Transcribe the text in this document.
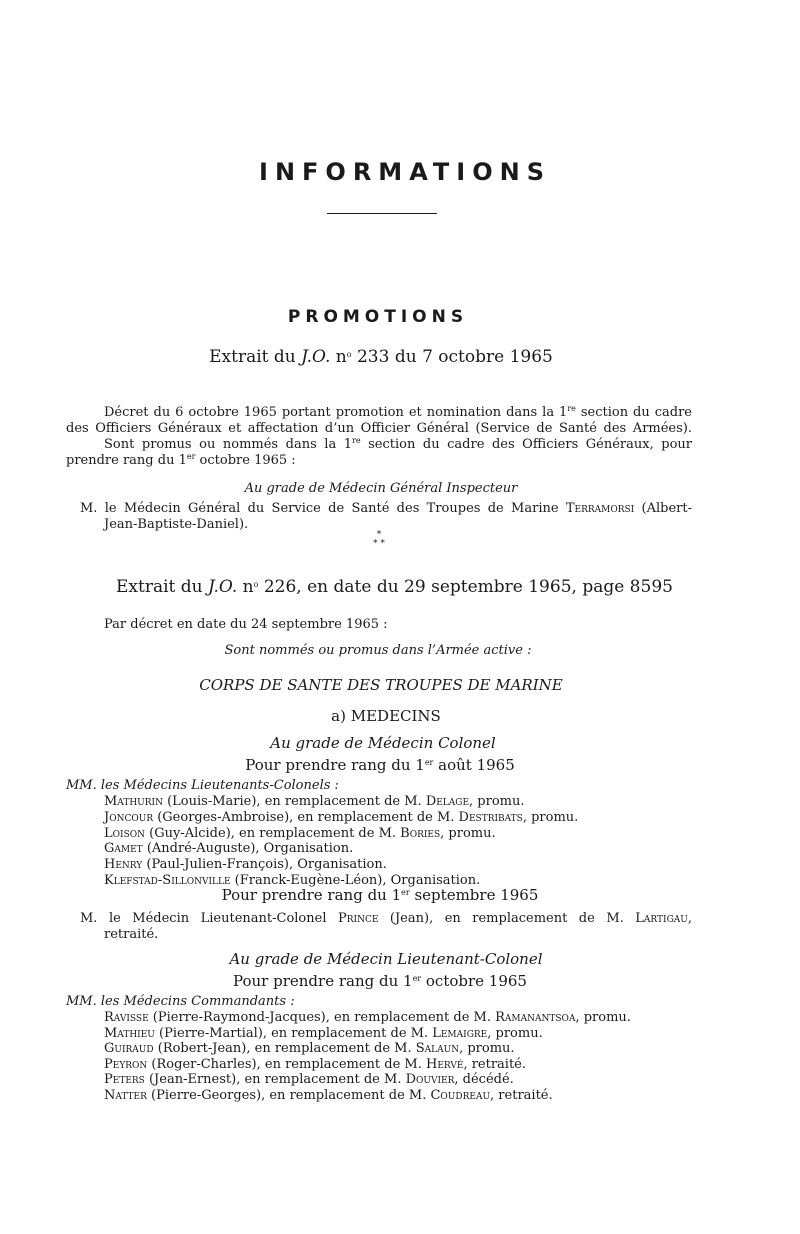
INFORMATIONS
PROMOTIONS
Extrait du J.O. $n^o$ 233 du 7 octobre 1965
Décret du 6 octobre 1965 portant promotion et nomination dans la 1re section du cadre
des Officiers Généraux et affectation d’un Officier Général (Service de Santé des Armées).
Sont promus ou nommés dans la 1re section du cadre des Officiers Généraux, pour
prendre rang du 1er octobre 1965 :
Au grade de Médecin Général Inspecteur
M. le Médecin Général du Service de Santé des Troupes de Marine Terramorsi (Albert-
Jean-Baptiste-Daniel).
*
* *
Extrait du J.O. $n^o$ 226, en date du 29 septembre 1965, page 8595
Par décret en date du 24 septembre 1965 :
Sont nommés ou promus dans l’Armée active :
CORPS DE SANTE DES TROUPES DE MARINE
a) MEDECINS
Au grade de Médecin Colonel
Pour prendre rang du 1er août 1965
MM. les Médecins Lieutenants-Colonels :
Mathurin (Louis-Marie), en remplacement de M. Delage, promu.
Joncour (Georges-Ambroise), en remplacement de M. Destribats, promu.
Loison (Guy-Alcide), en remplacement de M. Bories, promu.
Gamet (André-Auguste), Organisation.
Henry (Paul-Julien-François), Organisation.
Klefstad-Sillonville (Franck-Eugène-Léon), Organisation.
Pour prendre rang du 1er septembre 1965
M. le Médecin Lieutenant-Colonel Prince (Jean), en remplacement de M. Lartigau,
retraité.
Au grade de Médecin Lieutenant-Colonel
Pour prendre rang du 1er octobre 1965
MM. les Médecins Commandants :
Ravisse (Pierre-Raymond-Jacques), en remplacement de M. Ramanantsoa, promu.
Mathieu (Pierre-Martial), en remplacement de M. Lemaigre, promu.
Guiraud (Robert-Jean), en remplacement de M. Salaun, promu.
Peyron (Roger-Charles), en remplacement de M. Hervé, retraité.
Peters (Jean-Ernest), en remplacement de M. Douvier, décédé.
Natter (Pierre-Georges), en remplacement de M. Coudreau, retraité.
